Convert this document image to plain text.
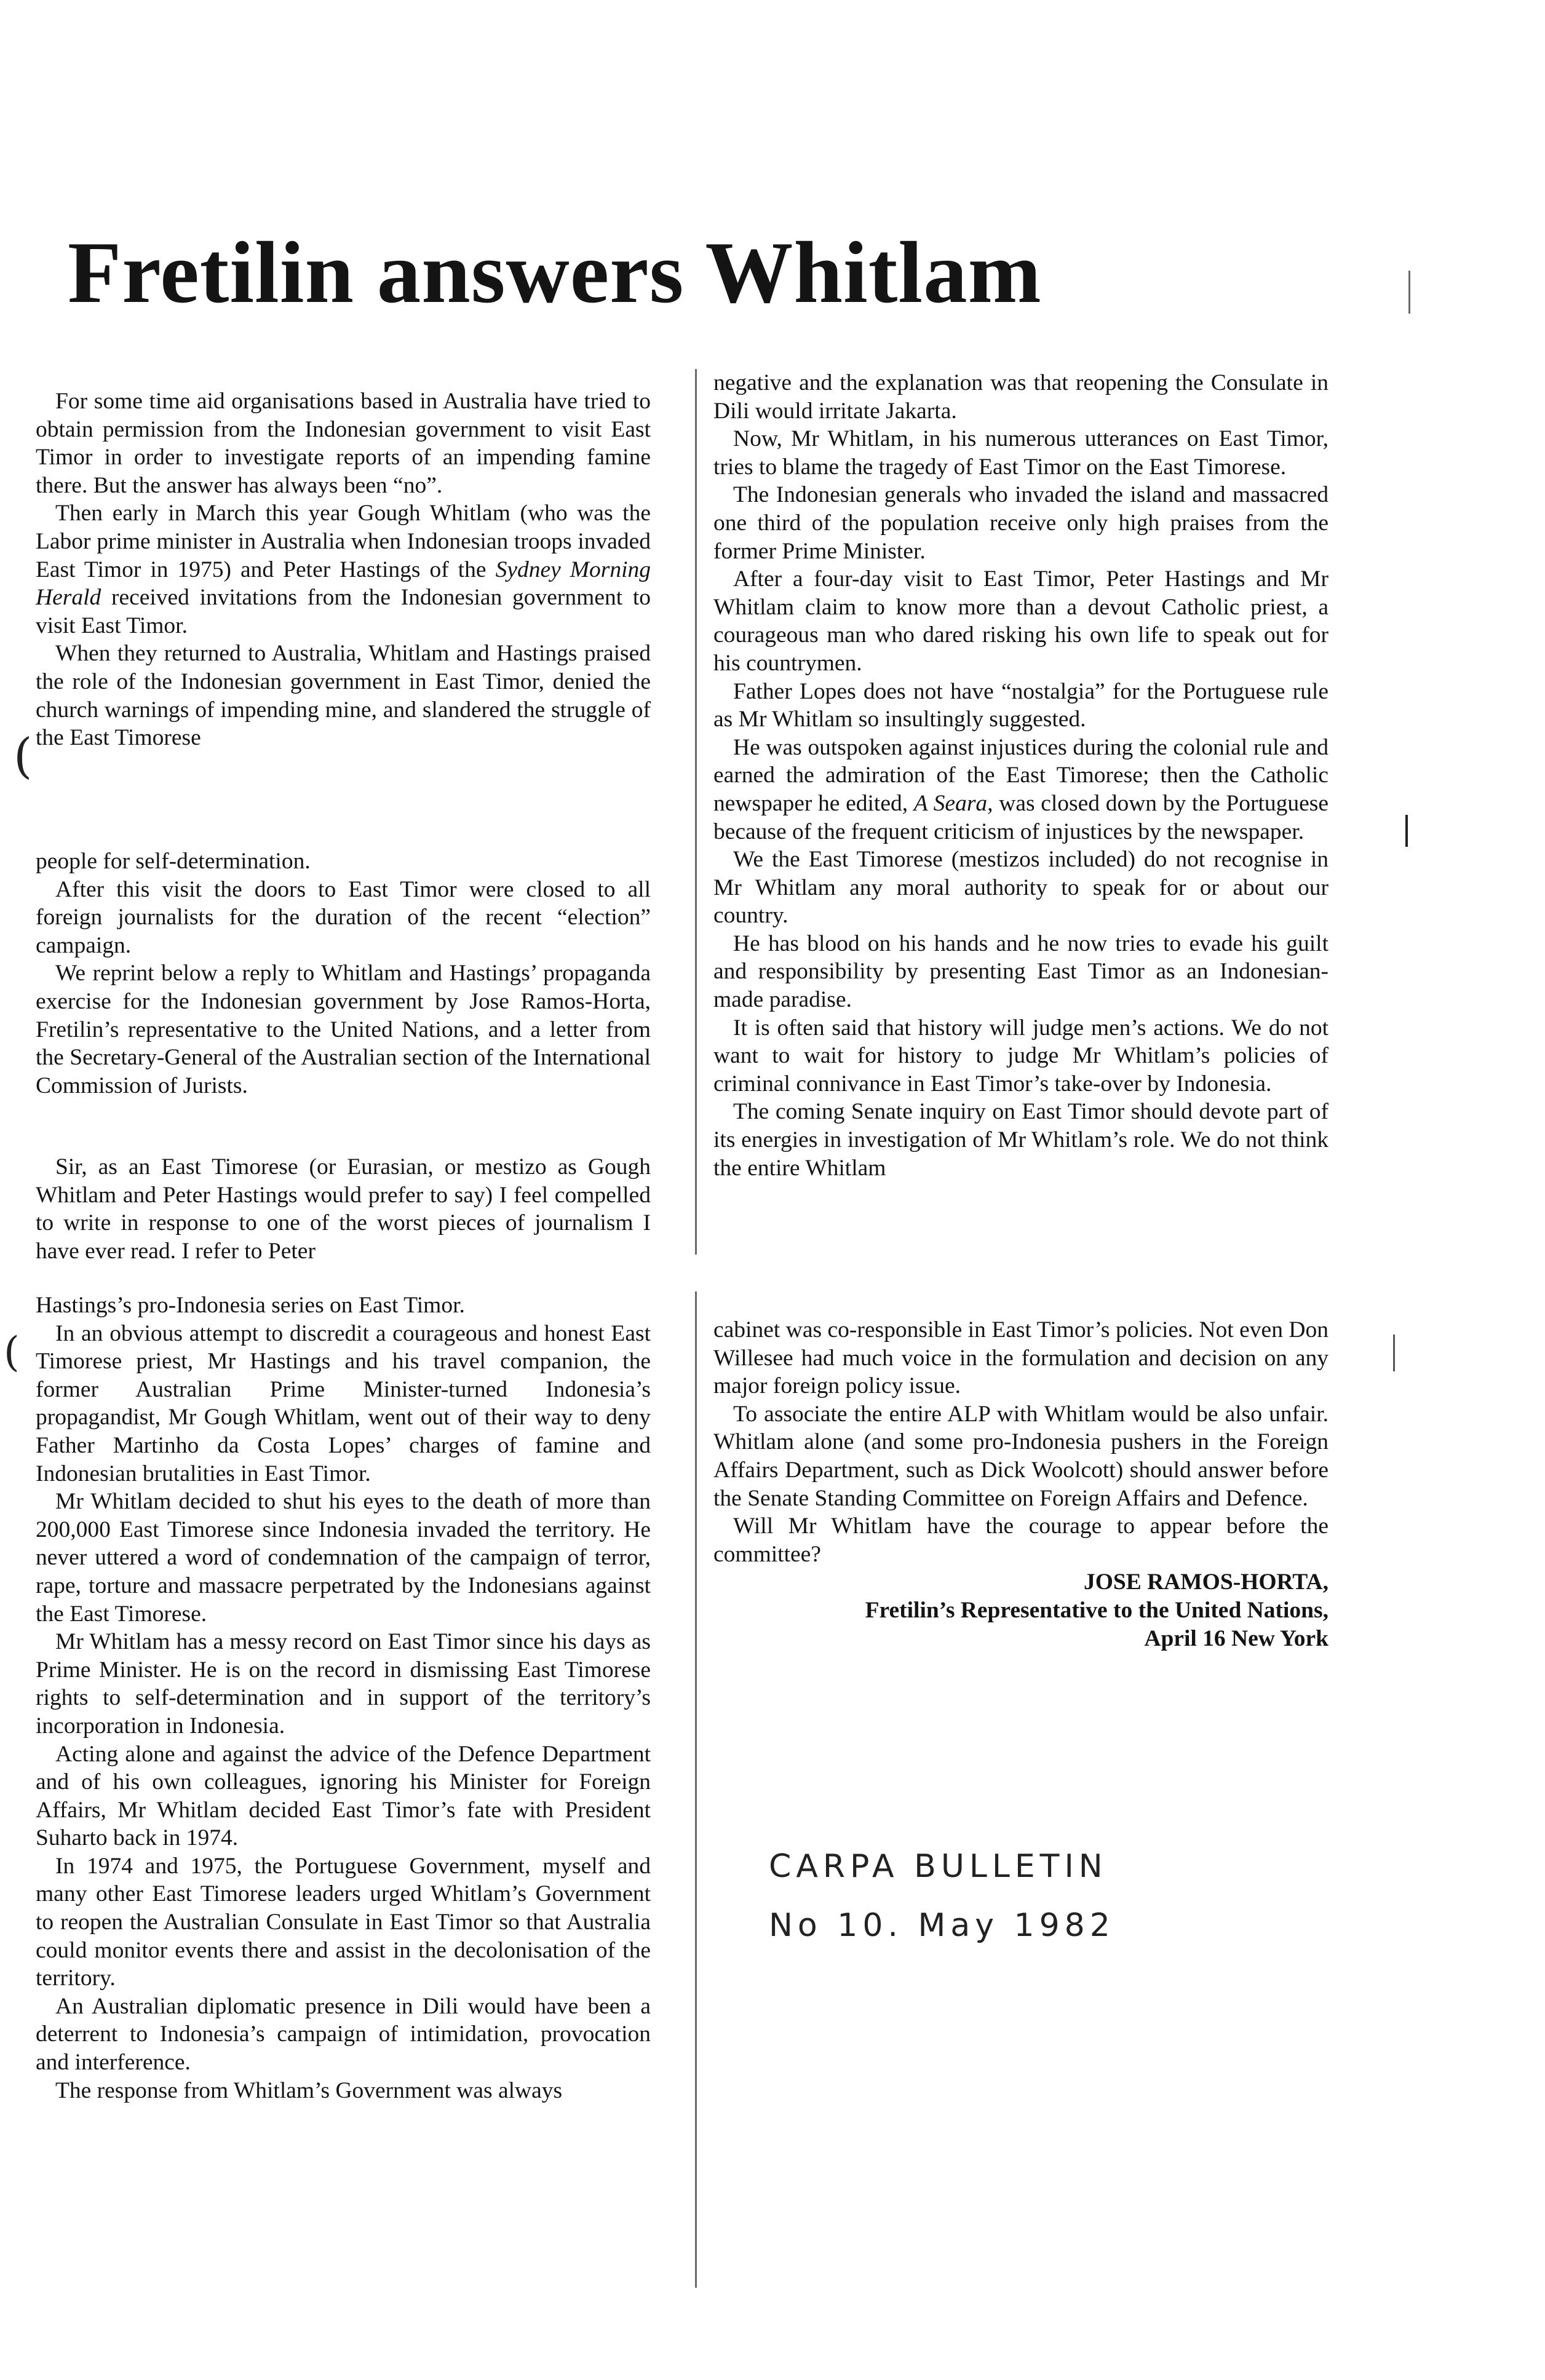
Fretilin answers Whitlam

For some time aid organisations based in Australia have tried to obtain permission from the Indonesian government to visit East Timor in order to investigate reports of an impending famine there. But the answer has always been “no”.

Then early in March this year Gough Whitlam (who was the Labor prime minister in Australia when Indonesian troops invaded East Timor in 1975) and Peter Hastings of the Sydney Morning Herald received invitations from the Indonesian government to visit East Timor.

When they returned to Australia, Whitlam and Hastings praised the role of the Indonesian government in East Timor, denied the church warnings of impending mine, and slandered the struggle of the East Timorese

people for self-determination.

After this visit the doors to East Timor were closed to all foreign journalists for the duration of the recent “election” campaign.

We reprint below a reply to Whitlam and Hastings’ propaganda exercise for the Indonesian government by Jose Ramos-Horta, Fretilin’s representative to the United Nations, and a letter from the Secretary-General of the Australian section of the International Commission of Jurists.

Sir, as an East Timorese (or Eurasian, or mestizo as Gough Whitlam and Peter Hastings would prefer to say) I feel compelled to write in response to one of the worst pieces of journalism I have ever read. I refer to Peter

Hastings’s pro-Indonesia series on East Timor.

In an obvious attempt to discredit a courageous and honest East Timorese priest, Mr Hastings and his travel companion, the former Australian Prime Minister-turned Indonesia’s propagandist, Mr Gough Whitlam, went out of their way to deny Father Martinho da Costa Lopes’ charges of famine and Indonesian brutalities in East Timor.

Mr Whitlam decided to shut his eyes to the death of more than 200,000 East Timorese since Indonesia invaded the territory. He never uttered a word of condemnation of the campaign of terror, rape, torture and massacre perpetrated by the Indonesians against the East Timorese.

Mr Whitlam has a messy record on East Timor since his days as Prime Minister. He is on the record in dismissing East Timorese rights to self-determination and in support of the territory’s incorporation in Indonesia.

Acting alone and against the advice of the Defence Department and of his own colleagues, ignoring his Minister for Foreign Affairs, Mr Whitlam decided East Timor’s fate with President Suharto back in 1974.

In 1974 and 1975, the Portuguese Government, myself and many other East Timorese leaders urged Whitlam’s Government to reopen the Australian Consulate in East Timor so that Australia could monitor events there and assist in the decolonisation of the territory.

An Australian diplomatic presence in Dili would have been a deterrent to Indonesia’s campaign of intimidation, provocation and interference.

The response from Whitlam’s Government was always

negative and the explanation was that reopening the Consulate in Dili would irritate Jakarta.

Now, Mr Whitlam, in his numerous utterances on East Timor, tries to blame the tragedy of East Timor on the East Timorese.

The Indonesian generals who invaded the island and massacred one third of the population receive only high praises from the former Prime Minister.

After a four-day visit to East Timor, Peter Hastings and Mr Whitlam claim to know more than a devout Catholic priest, a courageous man who dared risking his own life to speak out for his countrymen.

Father Lopes does not have “nostalgia” for the Portuguese rule as Mr Whitlam so insultingly suggested.

He was outspoken against injustices during the colonial rule and earned the admiration of the East Timorese; then the Catholic newspaper he edited, A Seara, was closed down by the Portuguese because of the frequent criticism of injustices by the newspaper.

We the East Timorese (mestizos included) do not recognise in Mr Whitlam any moral authority to speak for or about our country.

He has blood on his hands and he now tries to evade his guilt and responsibility by presenting East Timor as an Indonesian-made paradise.

It is often said that history will judge men’s actions. We do not want to wait for history to judge Mr Whitlam’s policies of criminal connivance in East Timor’s take-over by Indonesia.

The coming Senate inquiry on East Timor should devote part of its energies in investigation of Mr Whitlam’s role. We do not think the entire Whitlam

cabinet was co-responsible in East Timor’s policies. Not even Don Willesee had much voice in the formulation and decision on any major foreign policy issue.

To associate the entire ALP with Whitlam would be also unfair. Whitlam alone (and some pro-Indonesia pushers in the Foreign Affairs Department, such as Dick Woolcott) should answer before the Senate Standing Committee on Foreign Affairs and Defence.

Will Mr Whitlam have the courage to appear before the committee?

JOSE RAMOS-HORTA,

Fretilin’s Representative to the United Nations,

April 16 New York

CARPA BULLETIN
No 10. May 1982
(
(
